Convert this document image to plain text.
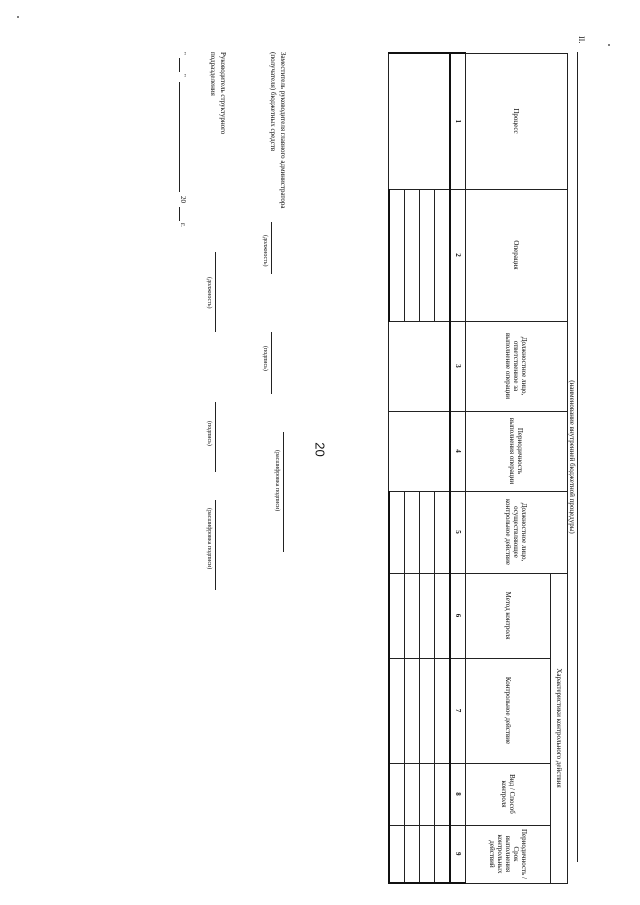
20
II.
(наименование внутренней бюджетной процедуры)
Процесс	Операция	Должностное лицо, ответственное за выполнение операции	Периодичность выполнения операции	Должностное лицо, осуществляющее контрольное действие	Характеристики контрольного действия			
					Метод контроля	Контрольное действие	Вид / Способ контроля	Периодичность / Срок выполнения контрольных действий
1	2	3	4	5	6	7	8	9

Заместитель руководителя главного администратора
(получателя) бюджетных средств
(должность)
(подпись)
(расшифровка подписи)
Руководитель структурного
подразделения
(должность)
(подпись)
(расшифровка подписи)
"
"
20
г.
